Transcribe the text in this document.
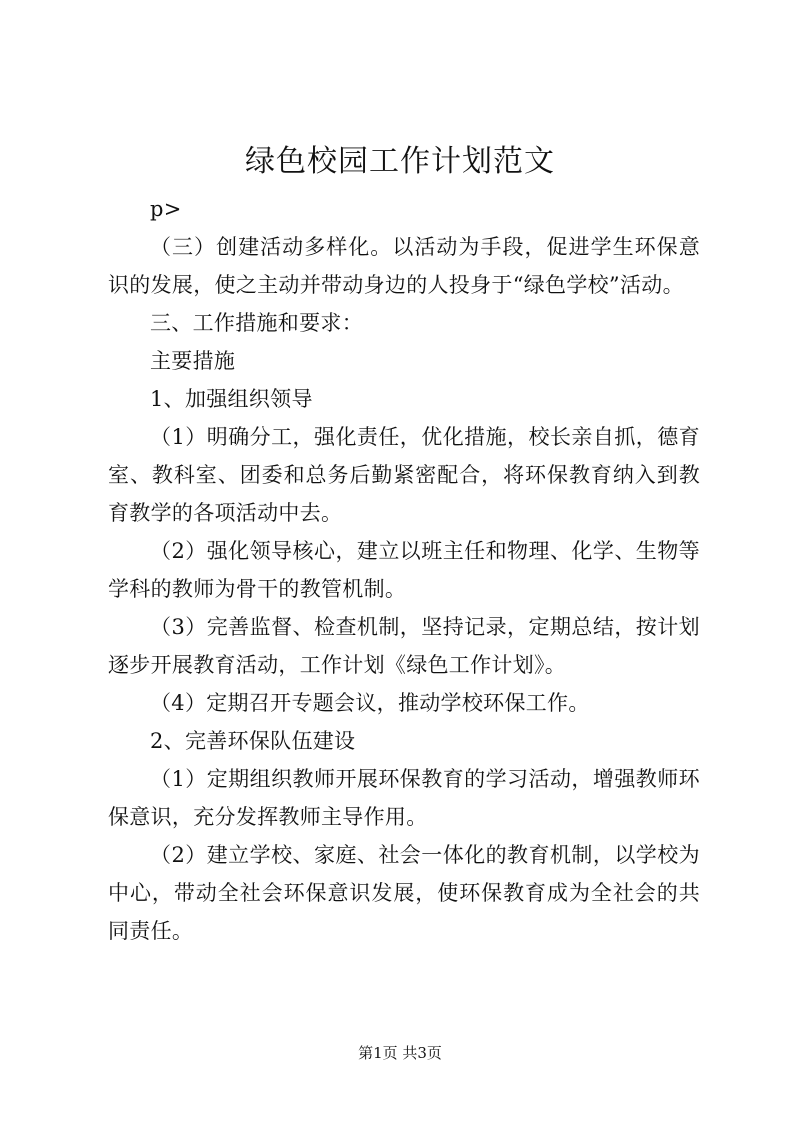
绿色校园工作计划范文

p>

（三）创建活动多样化。以活动为手段，促进学生环保意识的发展，使之主动并带动身边的人投身于“绿色学校”活动。

三、工作措施和要求：

主要措施

1、加强组织领导

（1）明确分工，强化责任，优化措施，校长亲自抓，德育室、教科室、团委和总务后勤紧密配合，将环保教育纳入到教育教学的各项活动中去。

（2）强化领导核心，建立以班主任和物理、化学、生物等学科的教师为骨干的教管机制。

（3）完善监督、检查机制，坚持记录，定期总结，按计划逐步开展教育活动，工作计划《绿色工作计划》。

（4）定期召开专题会议，推动学校环保工作。

2、完善环保队伍建设

（1）定期组织教师开展环保教育的学习活动，增强教师环保意识，充分发挥教师主导作用。

（2）建立学校、家庭、社会一体化的教育机制，以学校为中心，带动全社会环保意识发展，使环保教育成为全社会的共同责任。

第1页 共3页
